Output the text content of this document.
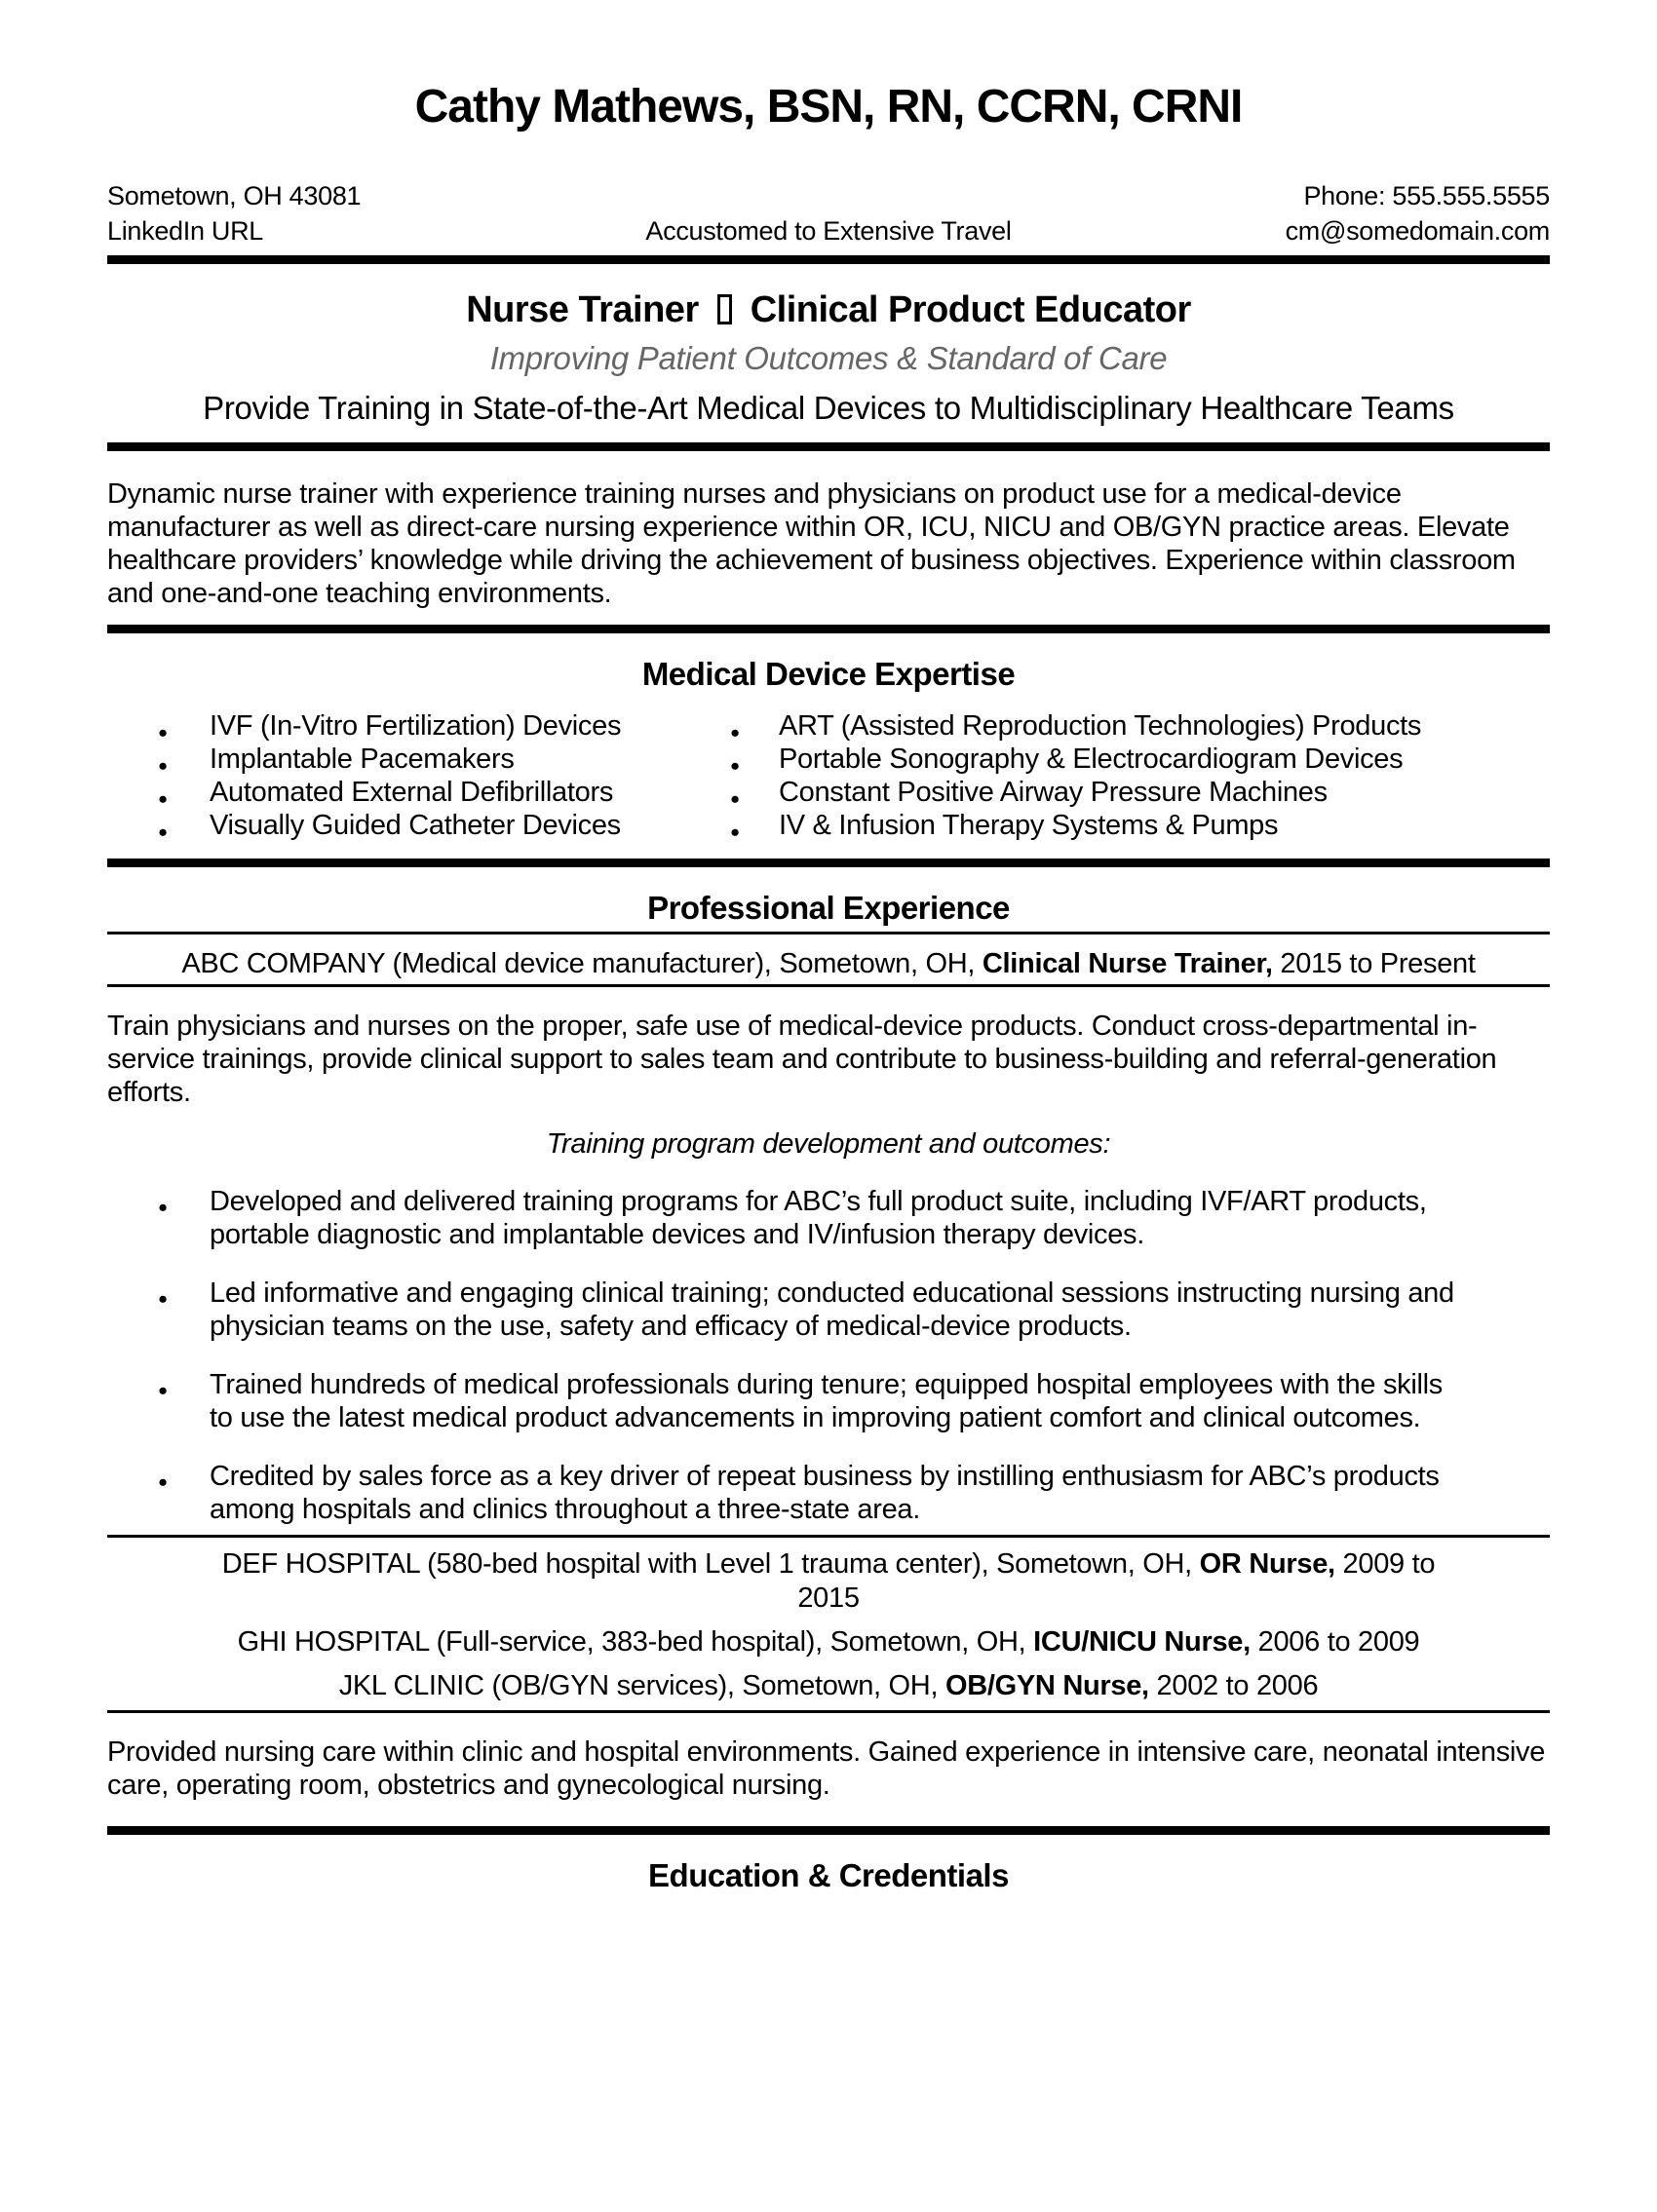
Cathy Mathews, BSN, RN, CCRN, CRNI
Sometown, OH 43081	Phone: 555.555.5555
LinkedIn URL	Accustomed to Extensive Travel	cm@somedomain.com
Nurse Trainer Clinical Product Educator

Improving Patient Outcomes & Standard of Care

Provide Training in State-of-the-Art Medical Devices to Multidisciplinary Healthcare Teams

Dynamic nurse trainer with experience training nurses and physicians on product use for a medical-device manufacturer as well as direct-care nursing experience within OR, ICU, NICU and OB/GYN practice areas. Elevate healthcare providers’ knowledge while driving the achievement of business objectives. Experience within classroom and one-and-one teaching environments.

Medical Device Expertise
● IVF (In-Vitro Fertilization) Devices
● Implantable Pacemakers
● Automated External Defibrillators
● Visually Guided Catheter Devices
● ART (Assisted Reproduction Technologies) Products
● Portable Sonography & Electrocardiogram Devices
● Constant Positive Airway Pressure Machines
● IV & Infusion Therapy Systems & Pumps
Professional Experience

ABC COMPANY (Medical device manufacturer), Sometown, OH, Clinical Nurse Trainer, 2015 to Present

Train physicians and nurses on the proper, safe use of medical-device products. Conduct cross-departmental in-service trainings, provide clinical support to sales team and contribute to business-building and referral-generation efforts.

Training program development and outcomes:

● Developed and delivered training programs for ABC’s full product suite, including IVF/ART products, portable diagnostic and implantable devices and IV/infusion therapy devices.
● Led informative and engaging clinical training; conducted educational sessions instructing nursing and physician teams on the use, safety and efficacy of medical-device products.
● Trained hundreds of medical professionals during tenure; equipped hospital employees with the skills to use the latest medical product advancements in improving patient comfort and clinical outcomes.
● Credited by sales force as a key driver of repeat business by instilling enthusiasm for ABC’s products among hospitals and clinics throughout a three-state area.

DEF HOSPITAL (580-bed hospital with Level 1 trauma center), Sometown, OH, OR Nurse, 2009 to 2015

GHI HOSPITAL (Full-service, 383-bed hospital), Sometown, OH, ICU/NICU Nurse, 2006 to 2009

JKL CLINIC (OB/GYN services), Sometown, OH, OB/GYN Nurse, 2002 to 2006

Provided nursing care within clinic and hospital environments. Gained experience in intensive care, neonatal intensive care, operating room, obstetrics and gynecological nursing.

Education & Credentials
